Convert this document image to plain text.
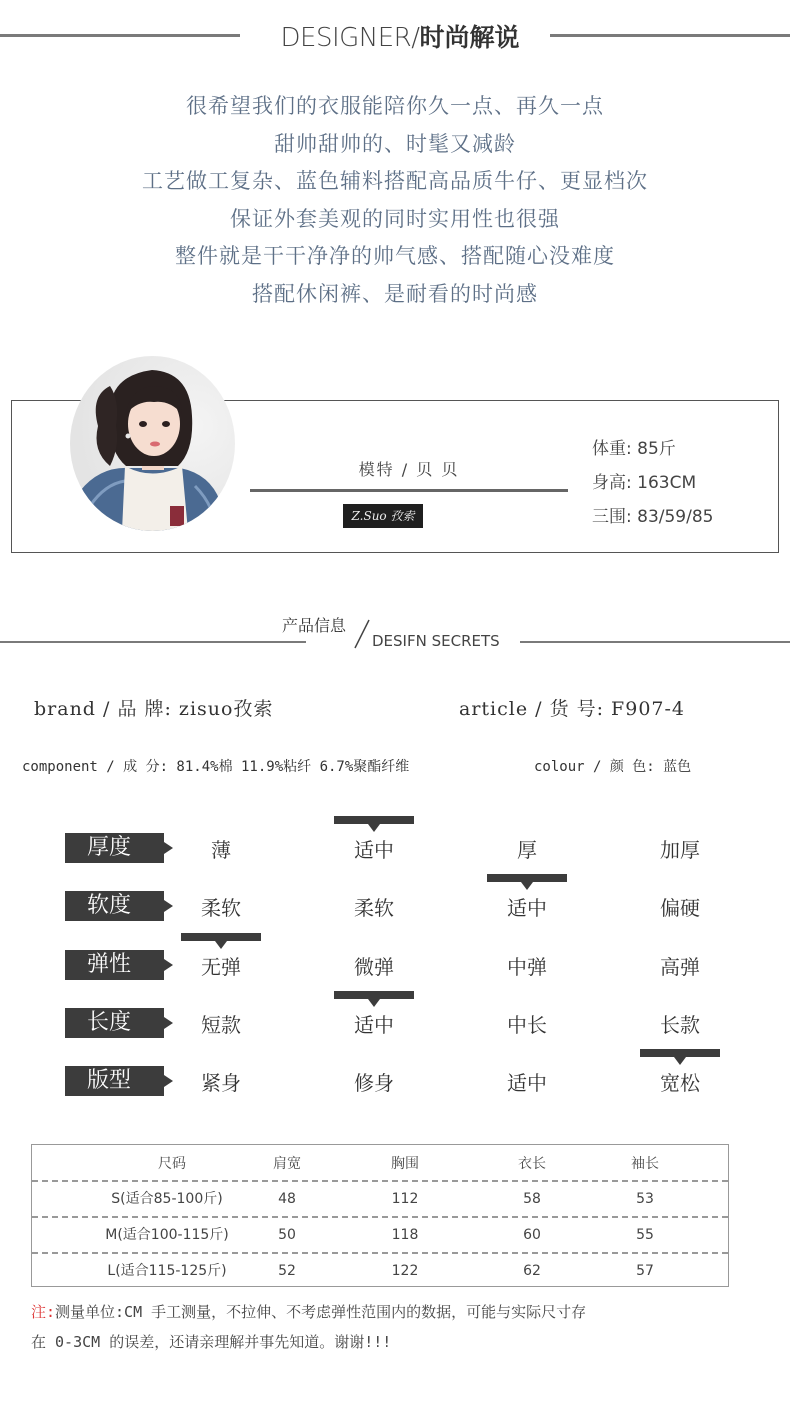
DESIGNER/时尚解说
很希望我们的衣服能陪你久一点、再久一点
甜帅甜帅的、时髦又减龄
工艺做工复杂、蓝色辅料搭配高品质牛仔、更显档次
保证外套美观的同时实用性也很强
整件就是干干净净的帅气感、搭配随心没难度
搭配休闲裤、是耐看的时尚感
模特 / 贝 贝
Z.Suo 孜索
体重: 85斤
身高: 163CM
三围: 83/59/85
产品信息
DESIFN SECRETS
brand / 品 牌: zisuo孜索	article / 货 号: F907-4
component / 成 分: 81.4%棉 11.9%粘纤 6.7%聚酯纤维	colour / 颜 色: 蓝色
厚度	薄	适中	厚	加厚
软度	柔软	柔软	适中	偏硬
弹性	无弹	微弹	中弹	高弹
长度	短款	适中	中长	长款
版型	紧身	修身	适中	宽松
尺码	肩宽	胸围	衣长	袖长
S(适合85-100斤)	48	112	58	53
M(适合100-115斤)	50	118	60	55
L(适合115-125斤)	52	122	62	57
注:测量单位:CM 手工测量，不拉伸、不考虑弹性范围内的数据，可能与实际尺寸存
在 0-3CM 的误差，还请亲理解并事先知道。谢谢!!!
